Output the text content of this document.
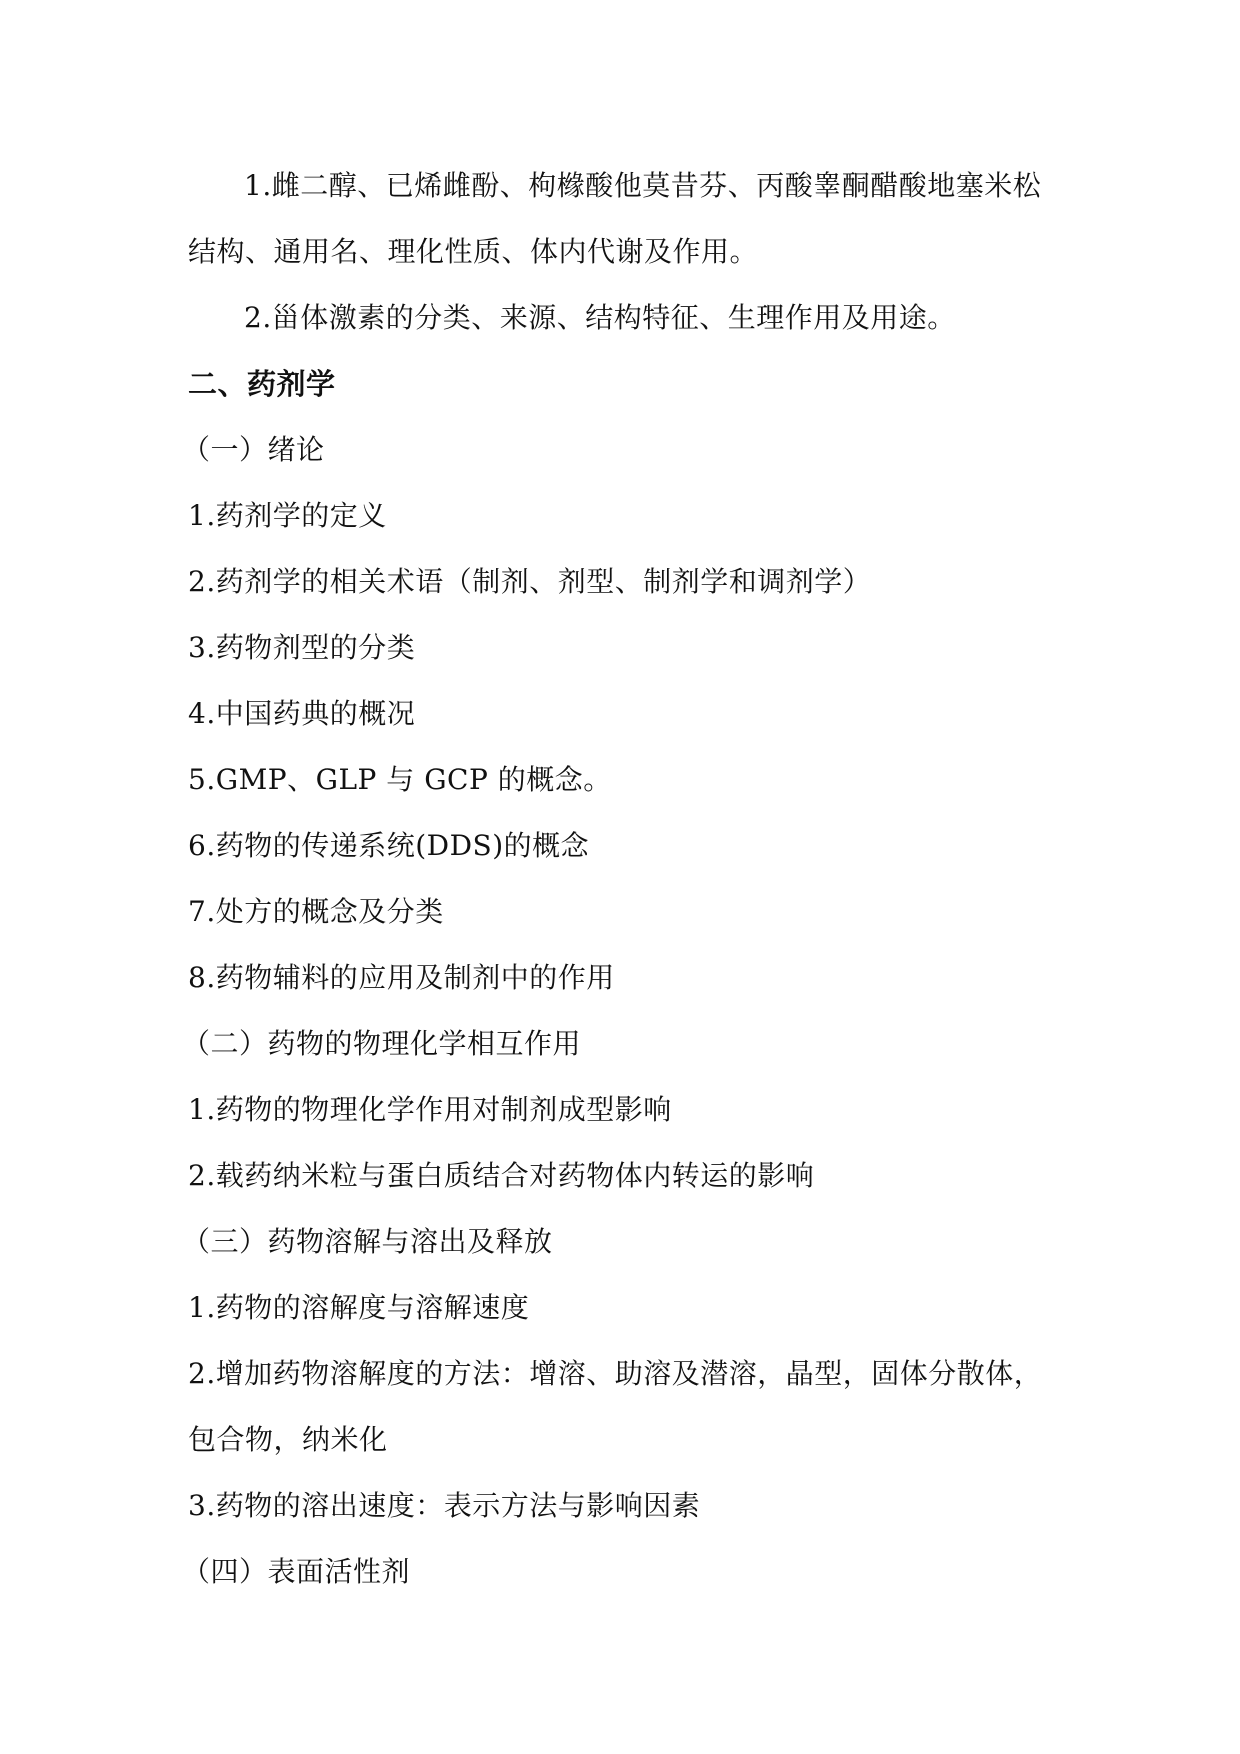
1.雌二醇、已烯雌酚、枸橼酸他莫昔芬、丙酸睾酮醋酸地塞米松
结构、通用名、理化性质、体内代谢及作用。
2.甾体激素的分类、来源、结构特征、生理作用及用途。
二、药剂学
（一）绪论
1.药剂学的定义
2.药剂学的相关术语（制剂、剂型、制剂学和调剂学）
3.药物剂型的分类
4.中国药典的概况
5.GMP、GLP 与 GCP 的概念。
6.药物的传递系统(DDS)的概念
7.处方的概念及分类
8.药物辅料的应用及制剂中的作用
（二）药物的物理化学相互作用
1.药物的物理化学作用对制剂成型影响
2.载药纳米粒与蛋白质结合对药物体内转运的影响
（三）药物溶解与溶出及释放
1.药物的溶解度与溶解速度
2.增加药物溶解度的方法：增溶、助溶及潜溶，晶型，固体分散体，
包合物，纳米化
3.药物的溶出速度：表示方法与影响因素
（四）表面活性剂
